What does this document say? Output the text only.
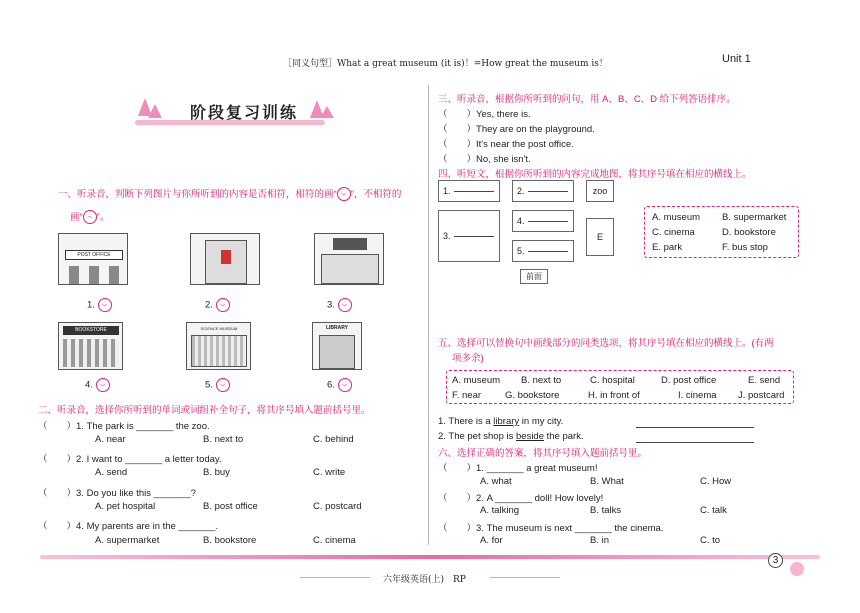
［同义句型］What a great museum (it is)！=How great the museum is！	Unit 1
阶段复习训练
一、听录音，判断下列图片与你所听到的内容是否相符，相符的画“ ⌣ ”，不相符的
画“ ⌢ ”。
POST OFFICE
1. ⌣	2. ⌣	3. ⌣
BOOKSTORE	SCIENCE MUSEUM	LIBRARY
4. ⌣	5. ⌣	6. ⌣
二、听录音，选择你所听到的单词或词组补全句子，将其序号填入题前括号里。
（　　）1. The park is _______ the zoo.
A. near	B. next to	C. behind
（　　）2. I want to _______ a letter today.
A. send	B. buy	C. write
（　　）3. Do you like this _______?
A. pet hospital	B. post office	C. postcard
（　　）4. My parents are in the _______.
A. supermarket	B. bookstore	C. cinema
三、听录音，根据你所听到的问句，用 A、B、C、D 给下列答语排序。
（　　）Yes, there is.
（　　）They are on the playground.
（　　）It's near the post office.
（　　）No, she isn't.
四、听短文，根据你所听到的内容完成地图，将其序号填在相应的横线上。
1.	2.	zoo
3.
4.
5.
E
前面
A. museum B. supermarket
C. cinema	D. bookstore
E. park	F. bus stop
五、选择可以替换句中画线部分的同类选项，将其序号填在相应的横线上。(有两
项多余)
A. museum B. next to	C. hospital	D. post office	E. send
F. near	G. bookstore	H. in front of	I. cinema J. postcard
1. There is a library in my city.
2. The pet shop is beside the park.
六、选择正确的答案，将其序号填入题前括号里。
（　　）1. _______ a great museum!
A. what	B. What	C. How
（　　）2. A _______ doll! How lovely!
A. talking	B. talks	C. talk
（　　）3. The museum is next _______ the cinema.
A. for	B. in	C. to
3
六年级英语(上)　RP
